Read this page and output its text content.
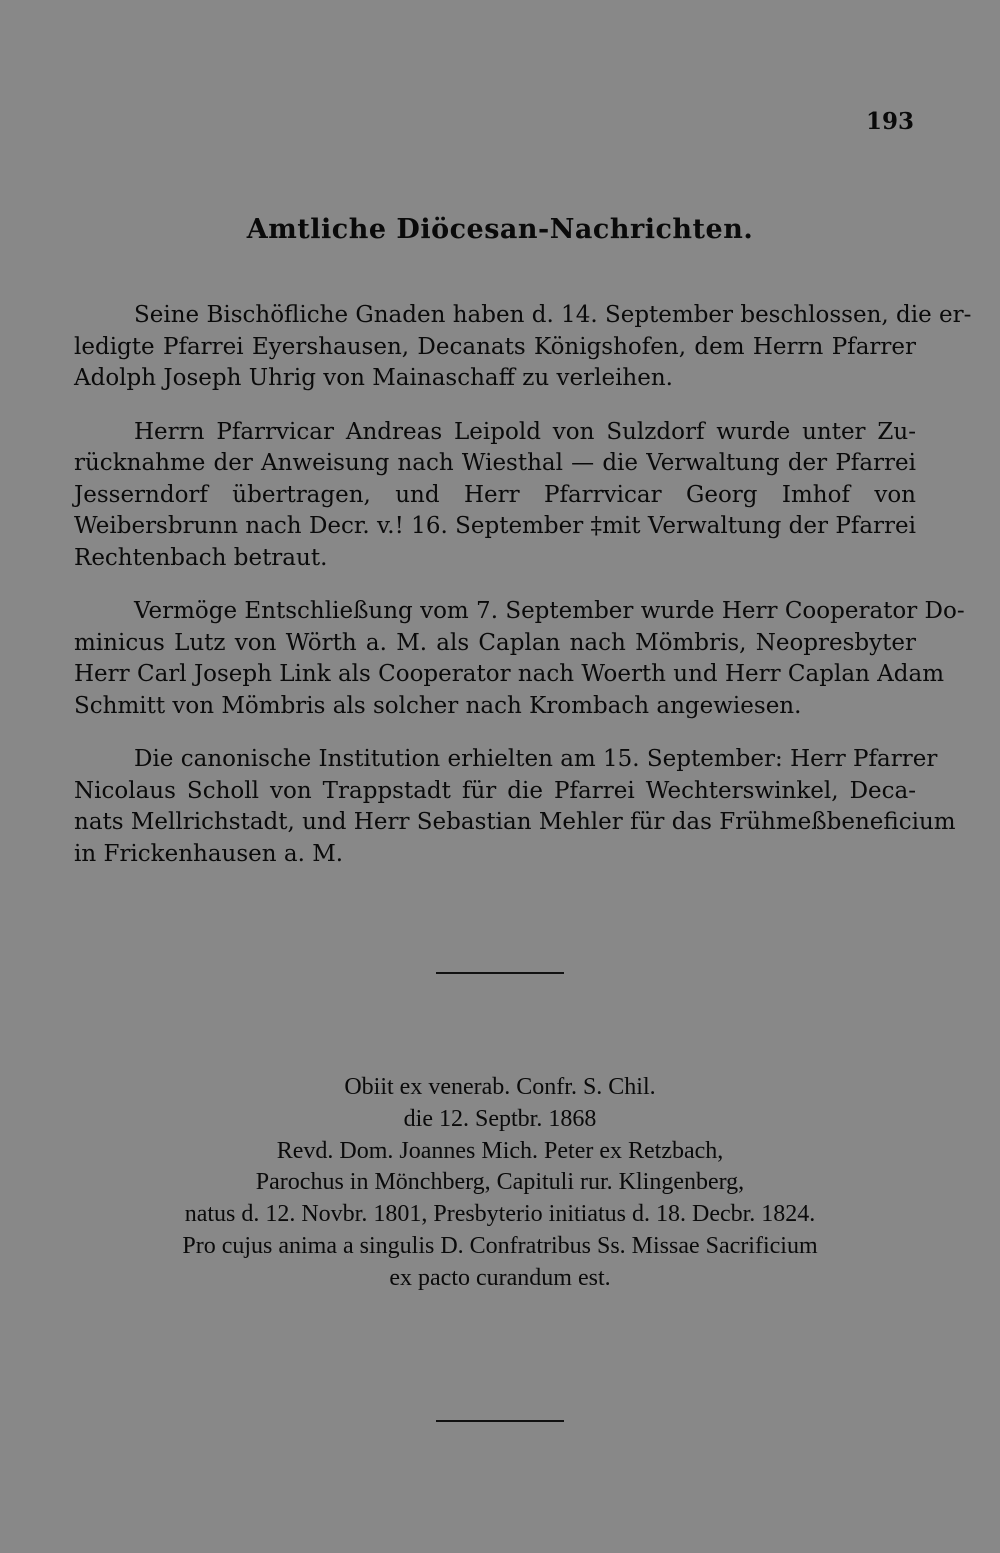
193
Amtliche Diöcesan-Nachrichten.
Seine Bischöfliche Gnaden haben d. 14. September beschlossen, die er-
ledigte Pfarrei Eyershausen, Decanats Königshofen, dem Herrn Pfarrer
Adolph Joseph Uhrig von Mainaschaff zu verleihen.
Herrn Pfarrvicar Andreas Leipold von Sulzdorf wurde unter Zu-
rücknahme der Anweisung nach Wiesthal — die Verwaltung der Pfarrei
Jesserndorf übertragen, und Herr Pfarrvicar Georg Imhof von
Weibersbrunn nach Decr. v.! 16. September ‡mit Verwaltung der Pfarrei
Rechtenbach betraut.
Vermöge Entschließung vom 7. September wurde Herr Cooperator Do-
minicus Lutz von Wörth a. M. als Caplan nach Mömbris, Neopresbyter
Herr Carl Joseph Link als Cooperator nach Woerth und Herr Caplan Adam
Schmitt von Mömbris als solcher nach Krombach angewiesen.
Die canonische Institution erhielten am 15. September: Herr Pfarrer
Nicolaus Scholl von Trappstadt für die Pfarrei Wechterswinkel, Deca-
nats Mellrichstadt, und Herr Sebastian Mehler für das Frühmeßbeneficium
in Frickenhausen a. M.
Obiit ex venerab. Confr. S. Chil.
die 12. Septbr. 1868
Revd. Dom. Joannes Mich. Peter ex Retzbach,
Parochus in Mönchberg, Capituli rur. Klingenberg,
natus d. 12. Novbr. 1801, Presbyterio initiatus d. 18. Decbr. 1824.
Pro cujus anima a singulis D. Confratribus Ss. Missae Sacrificium
ex pacto curandum est.
